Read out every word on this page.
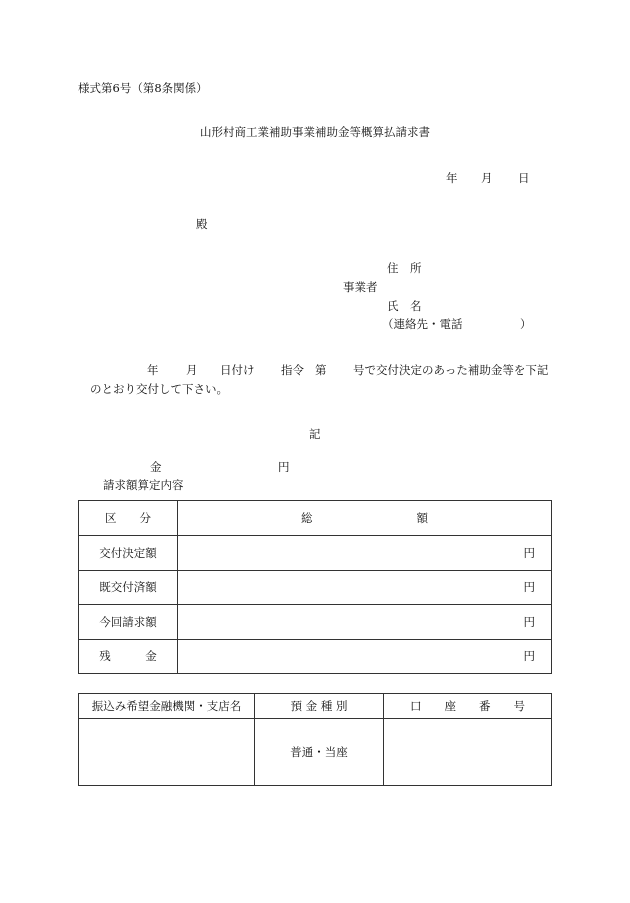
様式第6号（第8条関係）
山形村商工業補助事業補助金等概算払請求書
年 月 日
殿
住　所
事業者
氏　名
（連絡先・電話	）
年 月 日付け 指令 第 号で交付決定のあった補助金等を下記
のとおり交付して下さい。
記
金	円
請求額算定内容
区　　分	総 額
交付決定額	円
既交付済額	円
今回請求額	円
残　　　金	円
振込み希望金融機関・支店名	預 金 種 別	口　　座　　番　　号
	普通・当座	
